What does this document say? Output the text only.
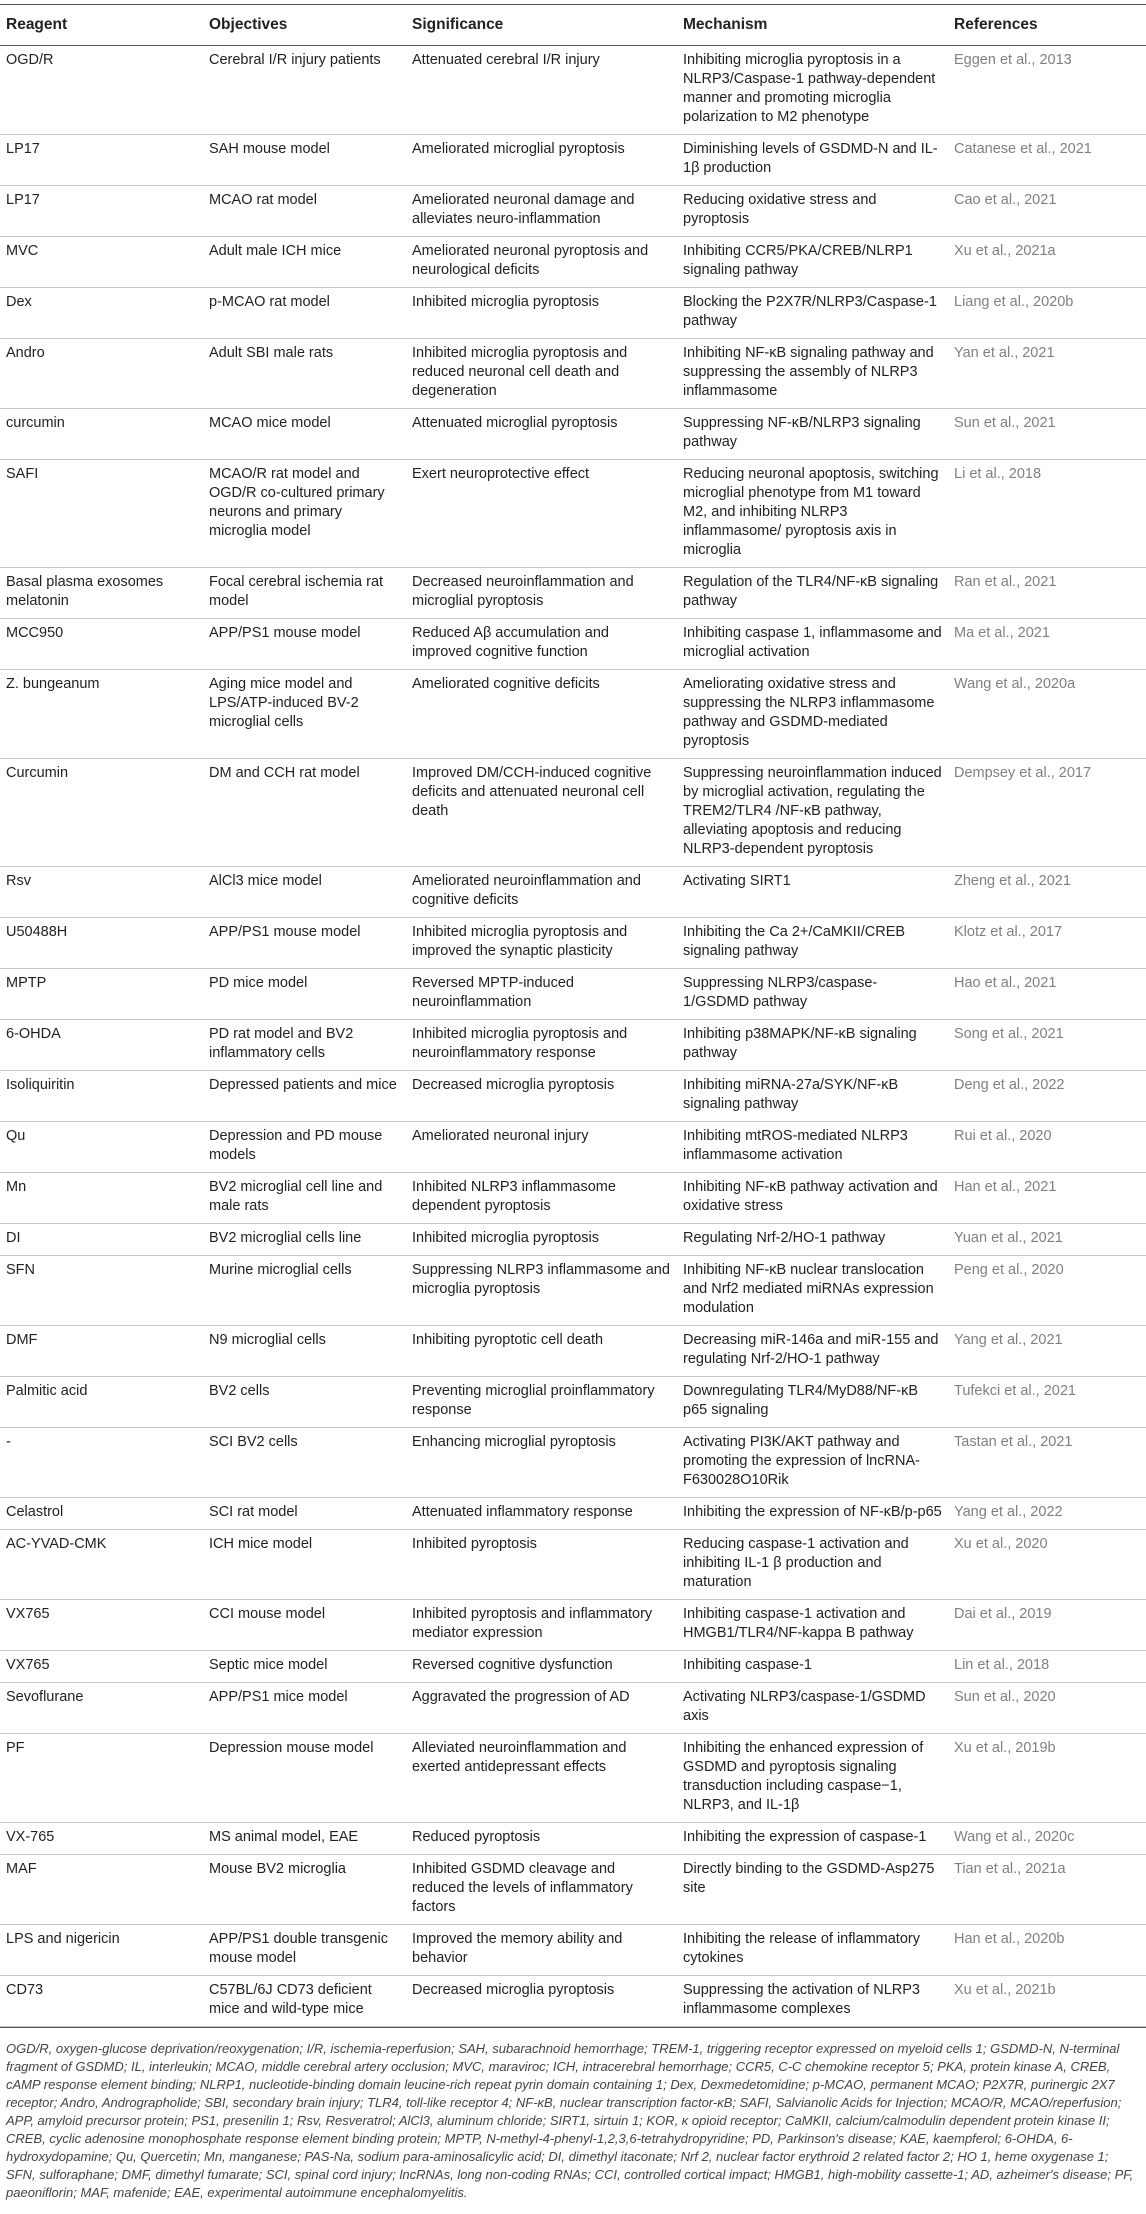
Reagent	Objectives	Significance	Mechanism	References
OGD/R	Cerebral I/R injury patients	Attenuated cerebral I/R injury	Inhibiting microglia pyroptosis in a NLRP3/Caspase-1 pathway-dependent manner and promoting microglia polarization to M2 phenotype	Eggen et al., 2013
LP17	SAH mouse model	Ameliorated microglial pyroptosis	Diminishing levels of GSDMD-N and IL-1β production	Catanese et al., 2021
LP17	MCAO rat model	Ameliorated neuronal damage and alleviates neuro-inflammation	Reducing oxidative stress and pyroptosis	Cao et al., 2021
MVC	Adult male ICH mice	Ameliorated neuronal pyroptosis and neurological deficits	Inhibiting CCR5/PKA/CREB/NLRP1 signaling pathway	Xu et al., 2021a
Dex	p-MCAO rat model	Inhibited microglia pyroptosis	Blocking the P2X7R/NLRP3/Caspase-1 pathway	Liang et al., 2020b
Andro	Adult SBI male rats	Inhibited microglia pyroptosis and reduced neuronal cell death and degeneration	Inhibiting NF-κB signaling pathway and suppressing the assembly of NLRP3 inflammasome	Yan et al., 2021
curcumin	MCAO mice model	Attenuated microglial pyroptosis	Suppressing NF-κB/NLRP3 signaling pathway	Sun et al., 2021
SAFI	MCAO/R rat model and OGD/R co-cultured primary neurons and primary microglia model	Exert neuroprotective effect	Reducing neuronal apoptosis, switching microglial phenotype from M1 toward M2, and inhibiting NLRP3 inflammasome/ pyroptosis axis in microglia	Li et al., 2018
Basal plasma exosomes melatonin	Focal cerebral ischemia rat model	Decreased neuroinflammation and microglial pyroptosis	Regulation of the TLR4/NF-κB signaling pathway	Ran et al., 2021
MCC950	APP/PS1 mouse model	Reduced Aβ accumulation and improved cognitive function	Inhibiting caspase 1, inflammasome and microglial activation	Ma et al., 2021
Z. bungeanum	Aging mice model and LPS/ATP-induced BV-2 microglial cells	Ameliorated cognitive deficits	Ameliorating oxidative stress and suppressing the NLRP3 inflammasome pathway and GSDMD-mediated pyroptosis	Wang et al., 2020a
Curcumin	DM and CCH rat model	Improved DM/CCH-induced cognitive deficits and attenuated neuronal cell death	Suppressing neuroinflammation induced by microglial activation, regulating the TREM2/TLR4 /NF-κB pathway, alleviating apoptosis and reducing NLRP3-dependent pyroptosis	Dempsey et al., 2017
Rsv	AlCl3 mice model	Ameliorated neuroinflammation and cognitive deficits	Activating SIRT1	Zheng et al., 2021
U50488H	APP/PS1 mouse model	Inhibited microglia pyroptosis and improved the synaptic plasticity	Inhibiting the Ca 2+/CaMKII/CREB signaling pathway	Klotz et al., 2017
MPTP	PD mice model	Reversed MPTP-induced neuroinflammation	Suppressing NLRP3/caspase-1/GSDMD pathway	Hao et al., 2021
6-OHDA	PD rat model and BV2 inflammatory cells	Inhibited microglia pyroptosis and neuroinflammatory response	Inhibiting p38MAPK/NF-κB signaling pathway	Song et al., 2021
Isoliquiritin	Depressed patients and mice	Decreased microglia pyroptosis	Inhibiting miRNA-27a/SYK/NF-κB signaling pathway	Deng et al., 2022
Qu	Depression and PD mouse models	Ameliorated neuronal injury	Inhibiting mtROS-mediated NLRP3 inflammasome activation	Rui et al., 2020
Mn	BV2 microglial cell line and male rats	Inhibited NLRP3 inflammasome dependent pyroptosis	Inhibiting NF-κB pathway activation and oxidative stress	Han et al., 2021
DI	BV2 microglial cells line	Inhibited microglia pyroptosis	Regulating Nrf-2/HO-1 pathway	Yuan et al., 2021
SFN	Murine microglial cells	Suppressing NLRP3 inflammasome and microglia pyroptosis	Inhibiting NF-κB nuclear translocation and Nrf2 mediated miRNAs expression modulation	Peng et al., 2020
DMF	N9 microglial cells	Inhibiting pyroptotic cell death	Decreasing miR-146a and miR-155 and regulating Nrf-2/HO-1 pathway	Yang et al., 2021
Palmitic acid	BV2 cells	Preventing microglial proinflammatory response	Downregulating TLR4/MyD88/NF-κB p65 signaling	Tufekci et al., 2021
-	SCI BV2 cells	Enhancing microglial pyroptosis	Activating PI3K/AKT pathway and promoting the expression of lncRNA-F630028O10Rik	Tastan et al., 2021
Celastrol	SCI rat model	Attenuated inflammatory response	Inhibiting the expression of NF-κB/p-p65	Yang et al., 2022
AC-YVAD-CMK	ICH mice model	Inhibited pyroptosis	Reducing caspase-1 activation and inhibiting IL-1 β production and maturation	Xu et al., 2020
VX765	CCI mouse model	Inhibited pyroptosis and inflammatory mediator expression	Inhibiting caspase-1 activation and HMGB1/TLR4/NF-kappa B pathway	Dai et al., 2019
VX765	Septic mice model	Reversed cognitive dysfunction	Inhibiting caspase-1	Lin et al., 2018
Sevoflurane	APP/PS1 mice model	Aggravated the progression of AD	Activating NLRP3/caspase-1/GSDMD axis	Sun et al., 2020
PF	Depression mouse model	Alleviated neuroinflammation and exerted antidepressant effects	Inhibiting the enhanced expression of GSDMD and pyroptosis signaling transduction including caspase−1, NLRP3, and IL-1β	Xu et al., 2019b
VX-765	MS animal model, EAE	Reduced pyroptosis	Inhibiting the expression of caspase-1	Wang et al., 2020c
MAF	Mouse BV2 microglia	Inhibited GSDMD cleavage and reduced the levels of inflammatory factors	Directly binding to the GSDMD-Asp275 site	Tian et al., 2021a
LPS and nigericin	APP/PS1 double transgenic mouse model	Improved the memory ability and behavior	Inhibiting the release of inflammatory cytokines	Han et al., 2020b
CD73	C57BL/6J CD73 deficient mice and wild-type mice	Decreased microglia pyroptosis	Suppressing the activation of NLRP3 inflammasome complexes	Xu et al., 2021b
OGD/R, oxygen-glucose deprivation/reoxygenation; I/R, ischemia-reperfusion; SAH, subarachnoid hemorrhage; TREM-1, triggering receptor expressed on myeloid cells 1; GSDMD-N, N-terminal fragment of GSDMD; IL, interleukin; MCAO, middle cerebral artery occlusion; MVC, maraviroc; ICH, intracerebral hemorrhage; CCR5, C-C chemokine receptor 5; PKA, protein kinase A, CREB, cAMP response element binding; NLRP1, nucleotide-binding domain leucine-rich repeat pyrin domain containing 1; Dex, Dexmedetomidine; p-MCAO, permanent MCAO; P2X7R, purinergic 2X7 receptor; Andro, Andrographolide; SBI, secondary brain injury; TLR4, toll-like receptor 4; NF-κB, nuclear transcription factor-κB; SAFI, Salvianolic Acids for Injection; MCAO/R, MCAO/reperfusion; APP, amyloid precursor protein; PS1, presenilin 1; Rsv, Resveratrol; AlCl3, aluminum chloride; SIRT1, sirtuin 1; KOR, κ opioid receptor; CaMKII, calcium/calmodulin dependent protein kinase II; CREB, cyclic adenosine monophosphate response element binding protein; MPTP, N-methyl-4-phenyl-1,2,3,6-tetrahydropyridine; PD, Parkinson's disease; KAE, kaempferol; 6-OHDA, 6-hydroxydopamine; Qu, Quercetin; Mn, manganese; PAS-Na, sodium para-aminosalicylic acid; DI, dimethyl itaconate; Nrf 2, nuclear factor erythroid 2 related factor 2; HO 1, heme oxygenase 1; SFN, sulforaphane; DMF, dimethyl fumarate; SCI, spinal cord injury; lncRNAs, long non-coding RNAs; CCI, controlled cortical impact; HMGB1, high-mobility cassette-1; AD, azheimer's disease; PF, paeoniflorin; MAF, mafenide; EAE, experimental autoimmune encephalomyelitis.
